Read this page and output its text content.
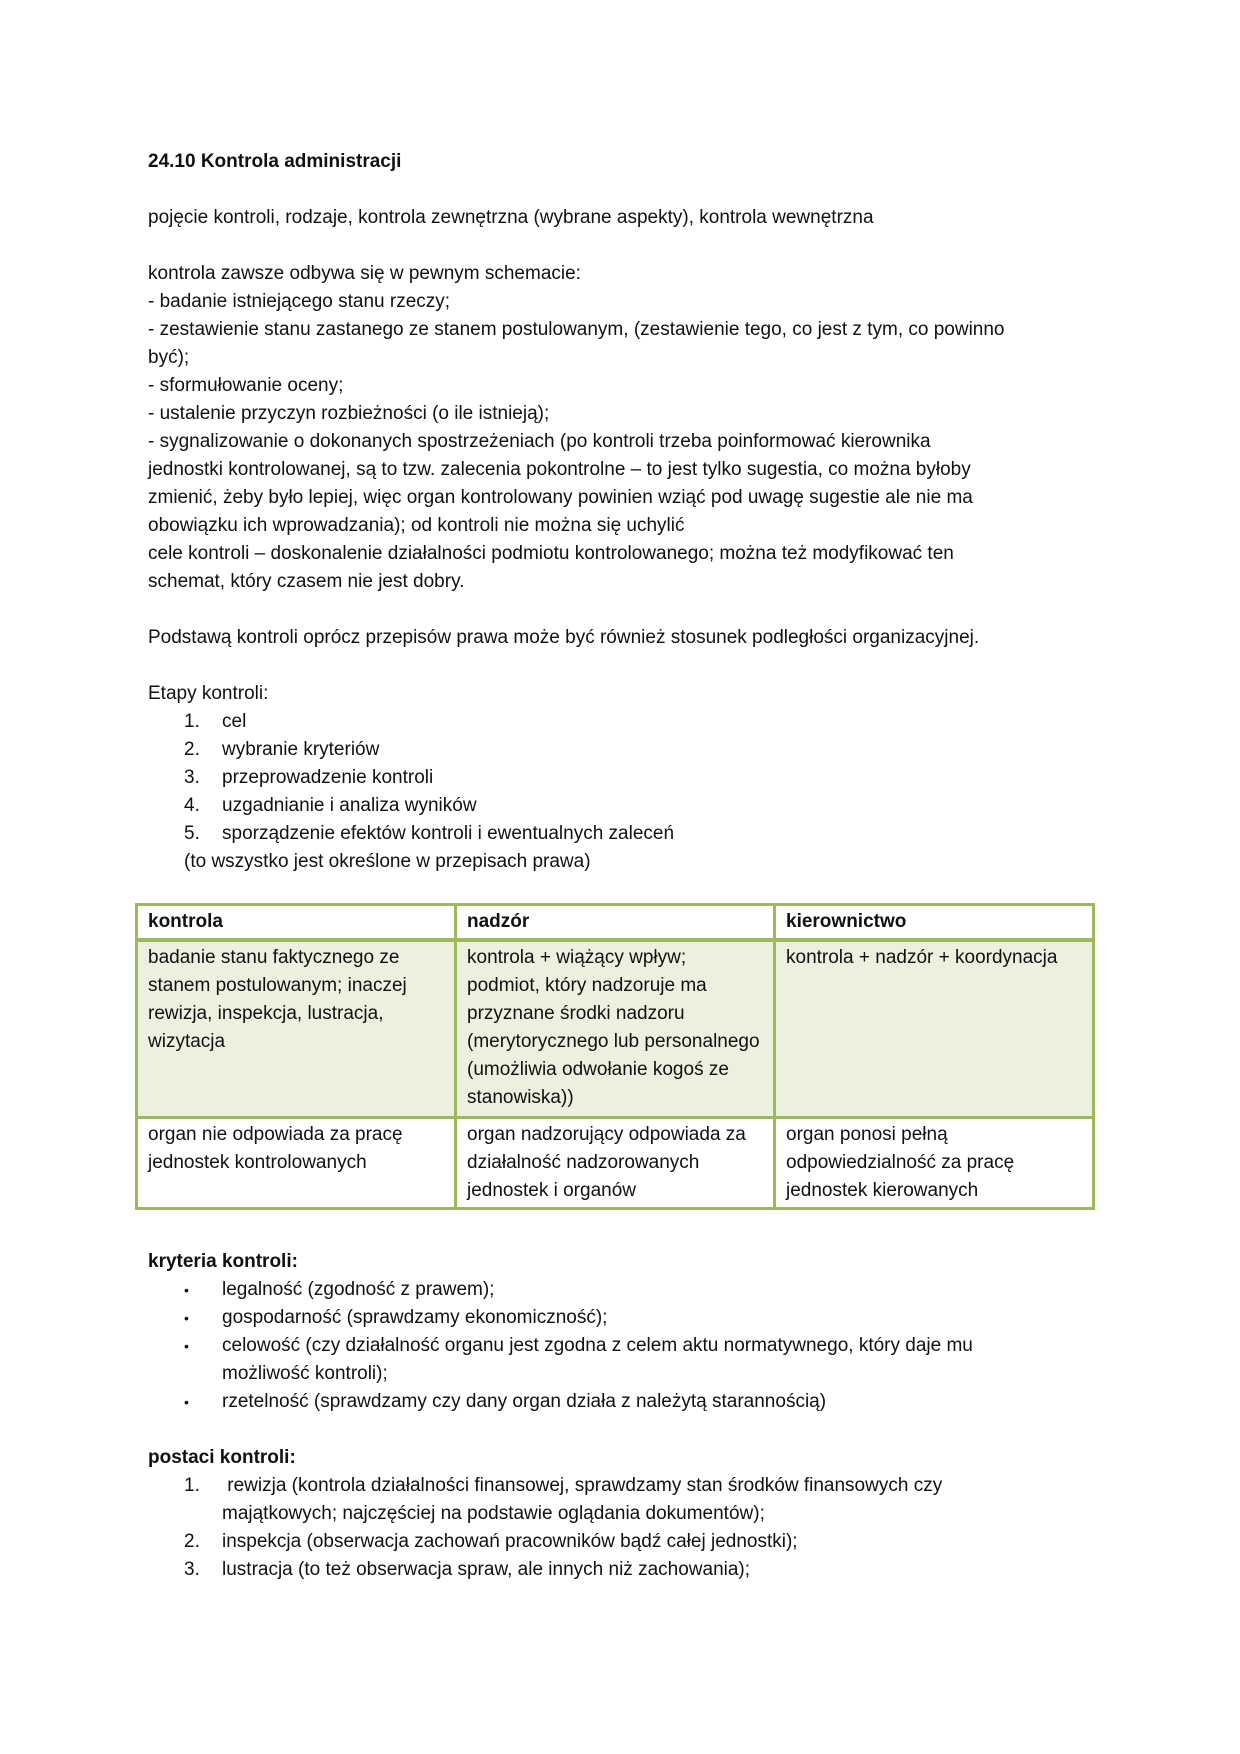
24.10 Kontrola administracji
pojęcie kontroli, rodzaje, kontrola zewnętrzna (wybrane aspekty), kontrola wewnętrzna
kontrola zawsze odbywa się w pewnym schemacie:
- badanie istniejącego stanu rzeczy;
- zestawienie stanu zastanego ze stanem postulowanym, (zestawienie tego, co jest z tym, co powinno
być);
- sformułowanie oceny;
- ustalenie przyczyn rozbieżności (o ile istnieją);
- sygnalizowanie o dokonanych spostrzeżeniach (po kontroli trzeba poinformować kierownika
jednostki kontrolowanej, są to tzw. zalecenia pokontrolne – to jest tylko sugestia, co można byłoby
zmienić, żeby było lepiej, więc organ kontrolowany powinien wziąć pod uwagę sugestie ale nie ma
obowiązku ich wprowadzania); od kontroli nie można się uchylić
cele kontroli – doskonalenie działalności podmiotu kontrolowanego; można też modyfikować ten
schemat, który czasem nie jest dobry.
Podstawą kontroli oprócz przepisów prawa może być również stosunek podległości organizacyjnej.
Etapy kontroli:
1. cel
2. wybranie kryteriów
3. przeprowadzenie kontroli
4. uzgadnianie i analiza wyników
5. sporządzenie efektów kontroli i ewentualnych zaleceń
(to wszystko jest określone w przepisach prawa)
kontrola	nadzór	kierownictwo
badanie stanu faktycznego ze stanem postulowanym; inaczej rewizja, inspekcja, lustracja, wizytacja	kontrola + wiążący wpływ; podmiot, który nadzoruje ma przyznane środki nadzoru (merytorycznego lub personalnego (umożliwia odwołanie kogoś ze stanowiska))	kontrola + nadzór + koordynacja
organ nie odpowiada za pracę jednostek kontrolowanych	organ nadzorujący odpowiada za działalność nadzorowanych jednostek i organów	organ ponosi pełną odpowiedzialność za pracę jednostek kierowanych
kryteria kontroli:
• legalność (zgodność z prawem);
• gospodarność (sprawdzamy ekonomiczność);
• celowość (czy działalność organu jest zgodna z celem aktu normatywnego, który daje mu
możliwość kontroli);
• rzetelność (sprawdzamy czy dany organ działa z należytą starannością)
postaci kontroli:
1. rewizja (kontrola działalności finansowej, sprawdzamy stan środków finansowych czy
majątkowych; najczęściej na podstawie oglądania dokumentów);
2. inspekcja (obserwacja zachowań pracowników bądź całej jednostki);
3. lustracja (to też obserwacja spraw, ale innych niż zachowania);
